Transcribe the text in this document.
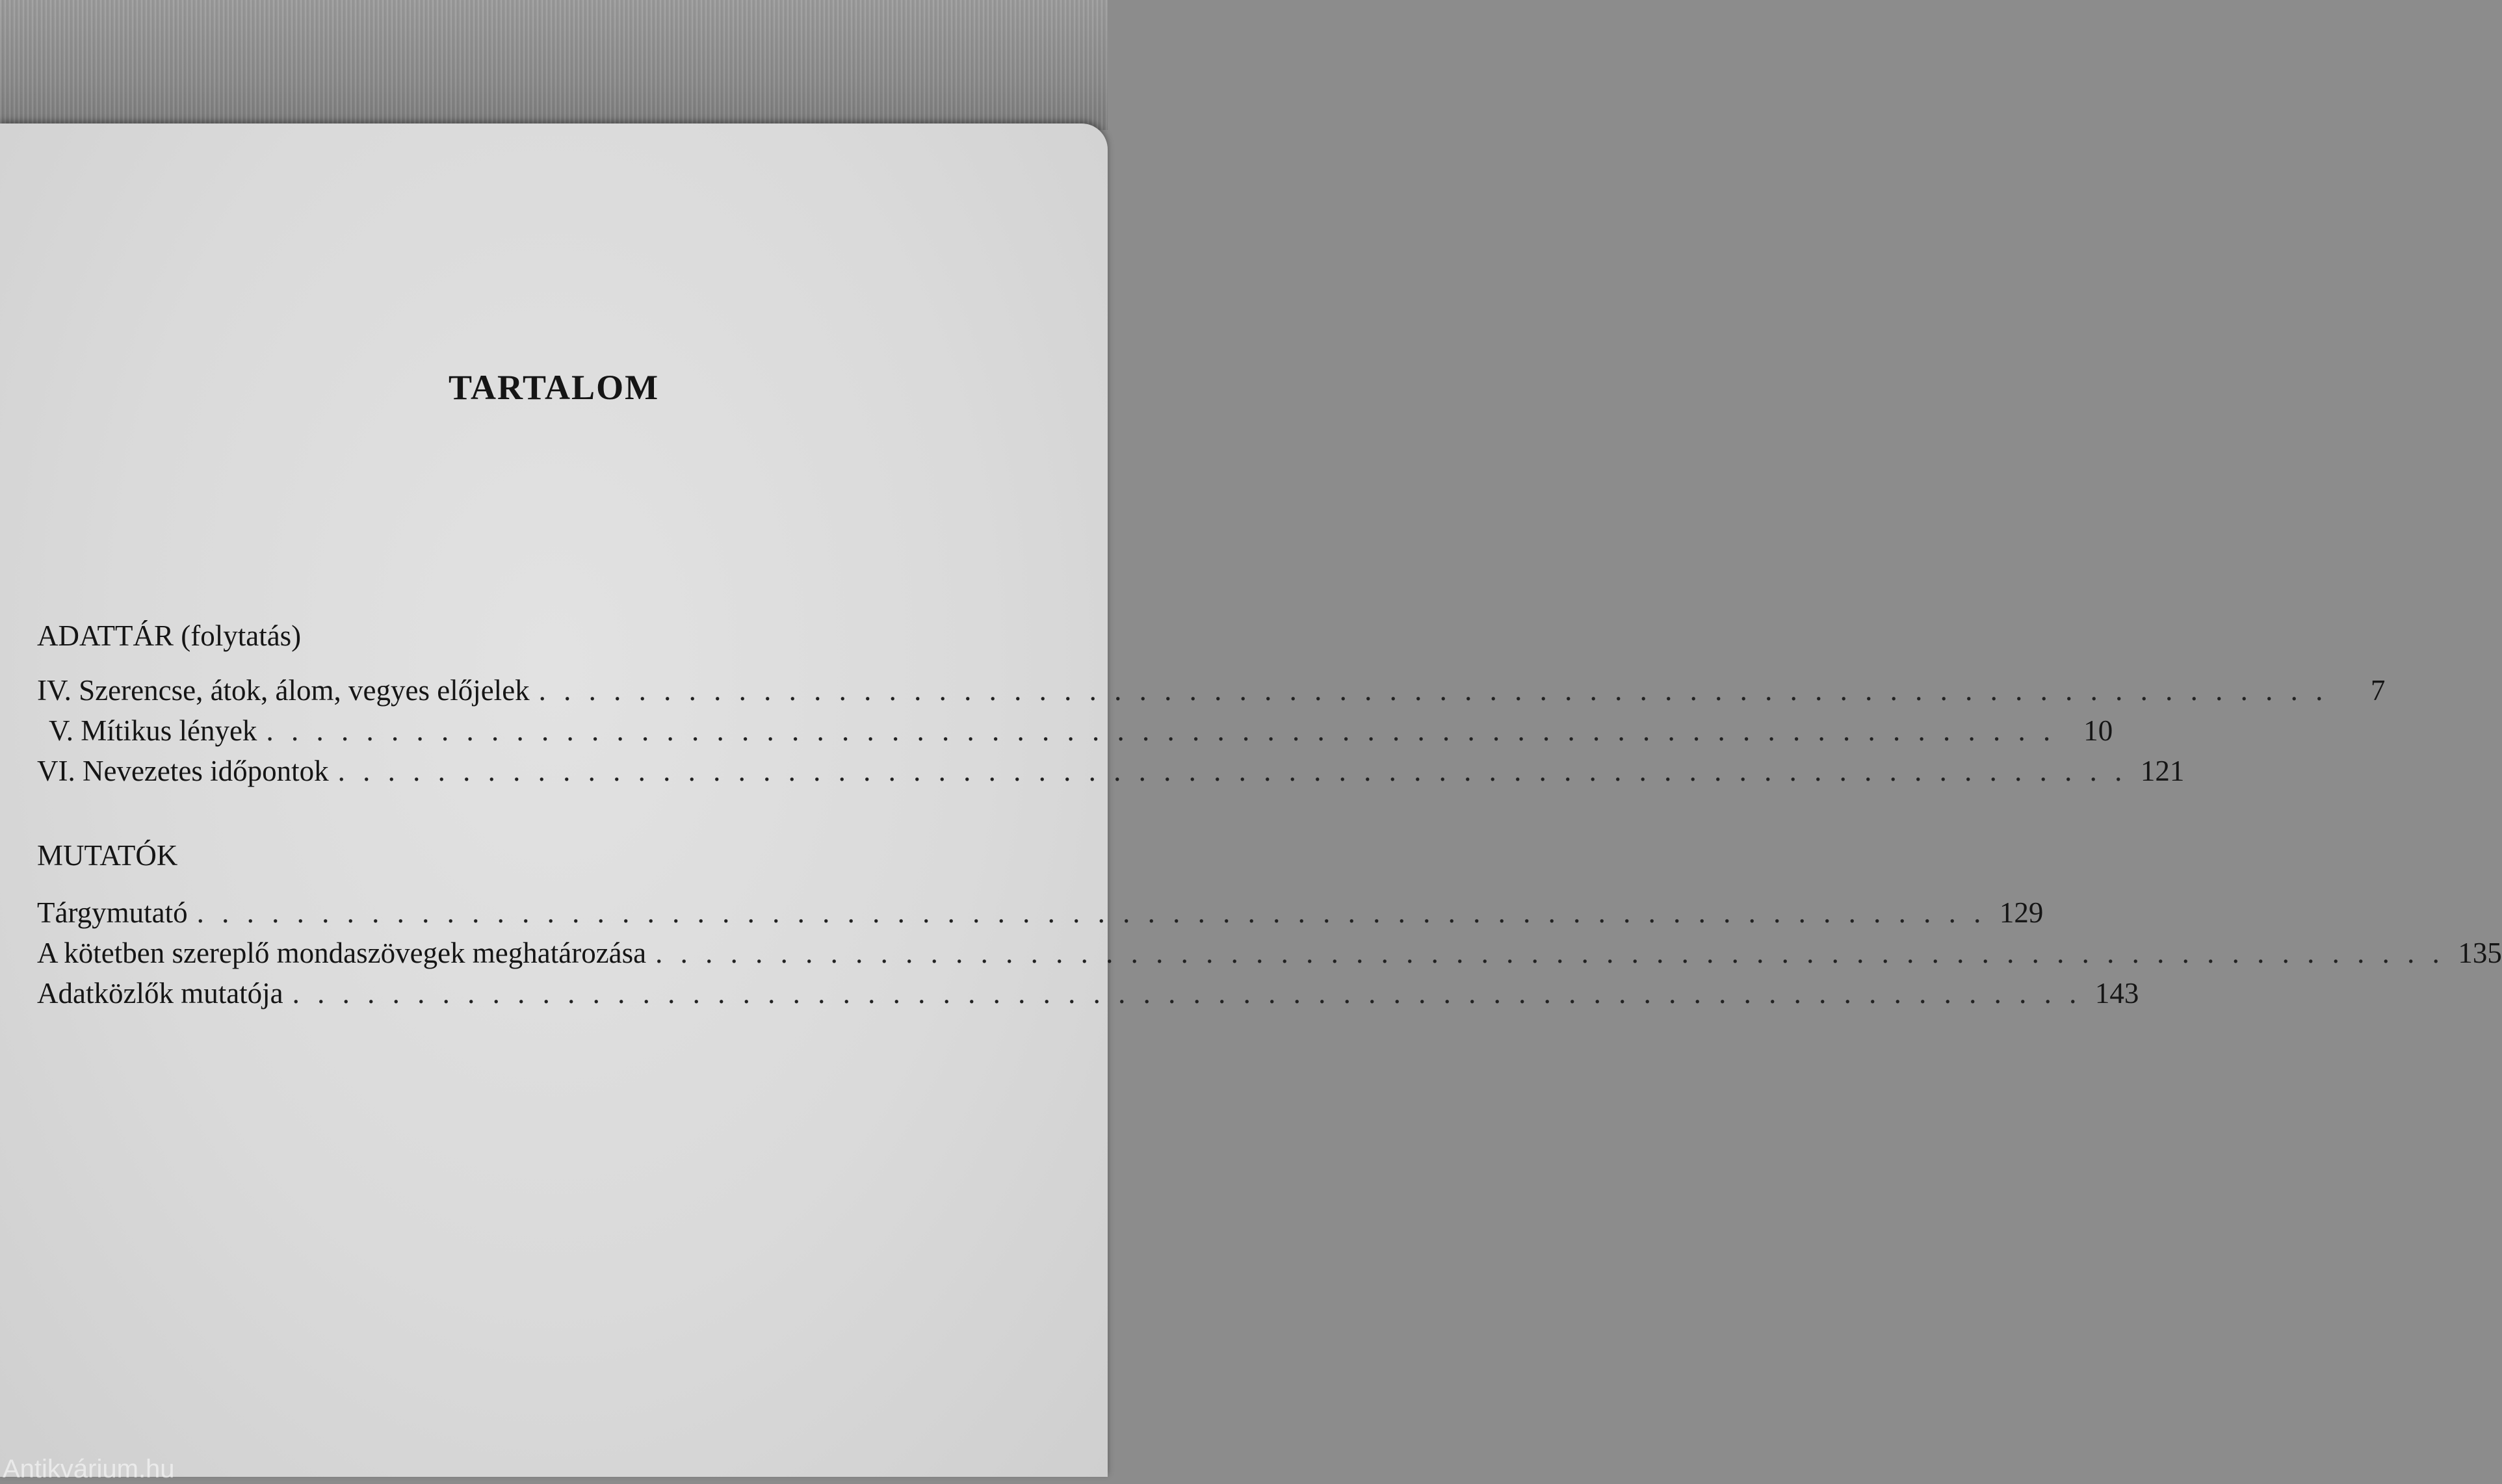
TARTALOM
ADATTÁR (folytatás)
IV. Szerencse, átok, álom, vegyes előjelek . . . . . . . . . . . . . . . . . . . . . . . . . . . . . . . . . . . . . . . . . . . . . . . . . . . . . . . . . . . . . . . . . . . . . . . .	7
V. Mítikus lények . . . . . . . . . . . . . . . . . . . . . . . . . . . . . . . . . . . . . . . . . . . . . . . . . . . . . . . . . . . . . . . . . . . . . . . . 10
VI. Nevezetes időpontok . . . . . . . . . . . . . . . . . . . . . . . . . . . . . . . . . . . . . . . . . . . . . . . . . . . . . . . . . . . . . . . . . . . . . . . . 121
MUTATÓK
Tárgymutató . . . . . . . . . . . . . . . . . . . . . . . . . . . . . . . . . . . . . . . . . . . . . . . . . . . . . . . . . . . . . . . . . . . . . . . . 129
A kötetben szereplő mondaszövegek meghatározása . . . . . . . . . . . . . . . . . . . . . . . . . . . . . . . . . . . . . . . . . . . . . . . . . . . . . . . . . . . . . . . . . . . . . . . . 135
Adatközlők mutatója . . . . . . . . . . . . . . . . . . . . . . . . . . . . . . . . . . . . . . . . . . . . . . . . . . . . . . . . . . . . . . . . . . . . . . . . 143
Antikvárium.hu
